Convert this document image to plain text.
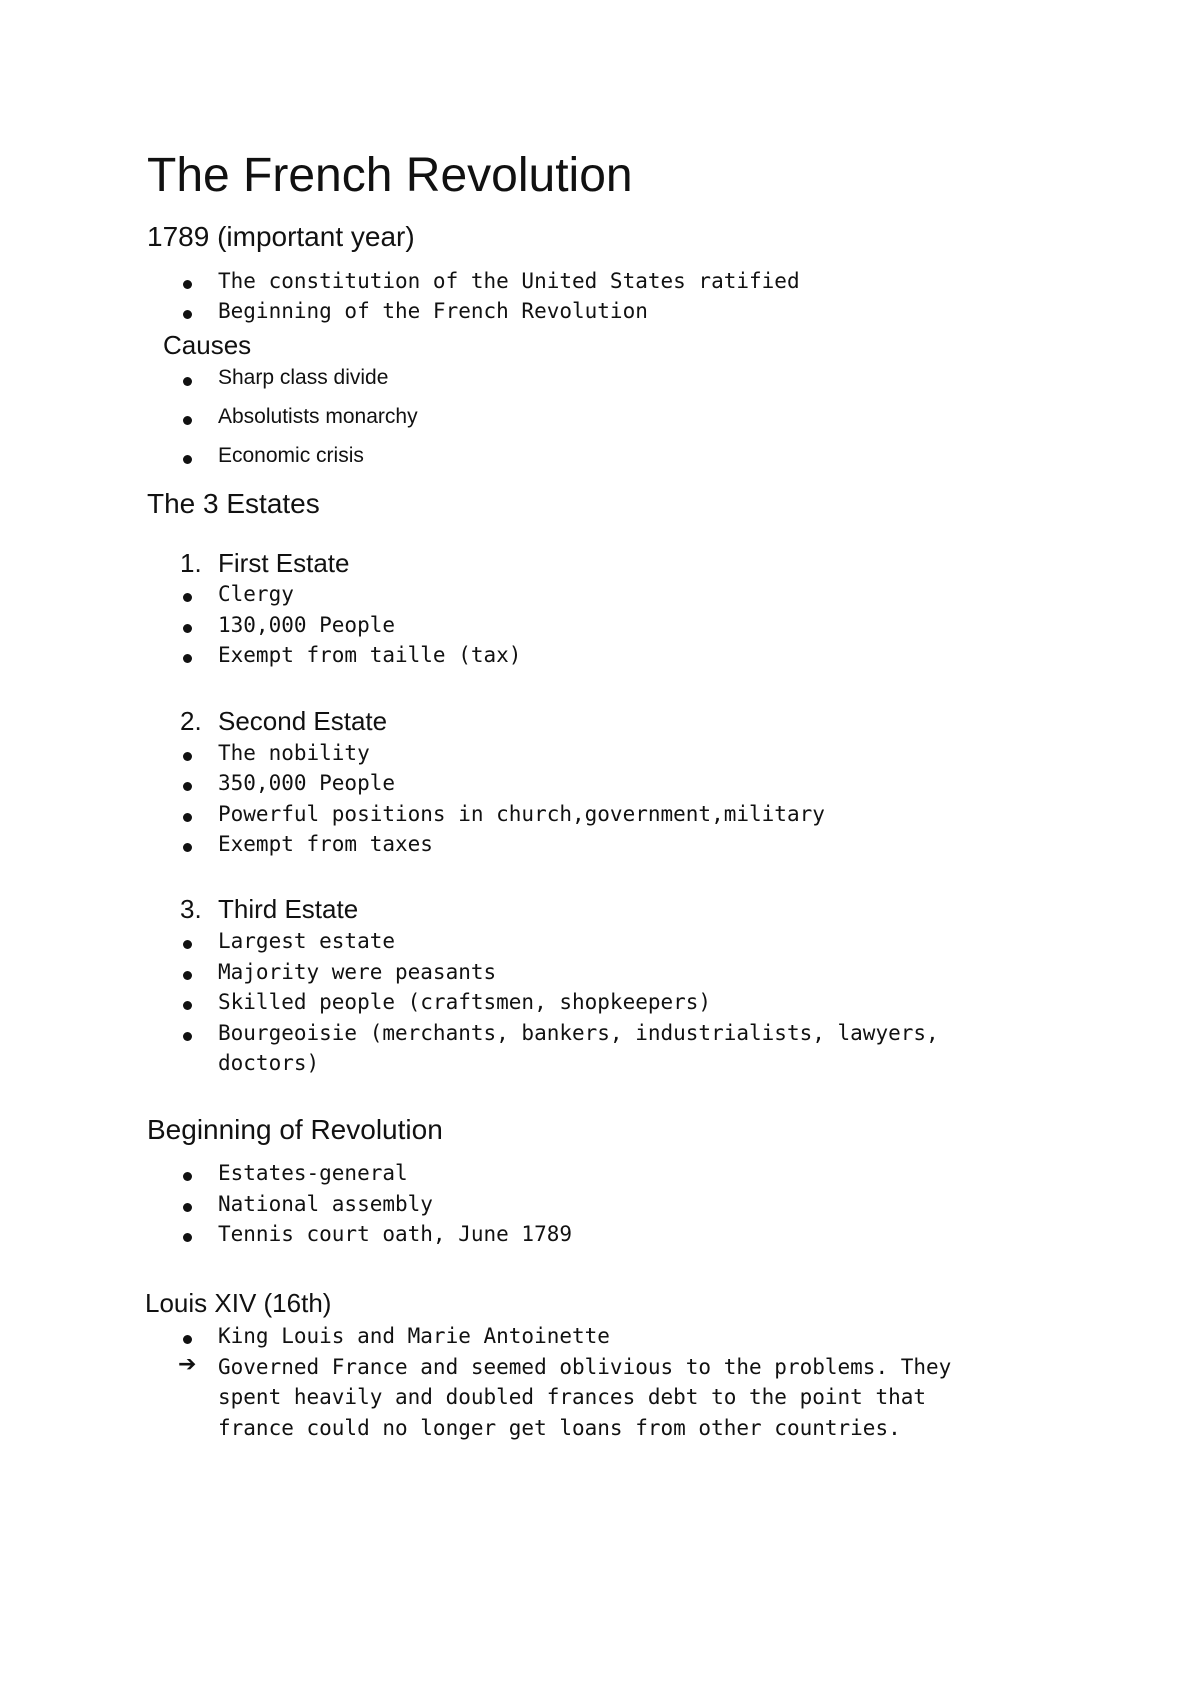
The French Revolution
1789 (important year)
The constitution of the United States ratified
Beginning of the French Revolution
Causes
Sharp class divide
Absolutists monarchy
Economic crisis
The 3 Estates
1. First Estate
Clergy
130,000 People
Exempt from taille (tax)
2. Second Estate
The nobility
350,000 People
Powerful positions in church,government,military
Exempt from taxes
3. Third Estate
Largest estate
Majority were peasants
Skilled people (craftsmen, shopkeepers)
Bourgeoisie (merchants, bankers, industrialists, lawyers,
doctors)
Beginning of Revolution
Estates-general
National assembly
Tennis court oath, June 1789
Louis XIV (16th)
King Louis and Marie Antoinette
➔ Governed France and seemed oblivious to the problems. They
spent heavily and doubled frances debt to the point that
france could no longer get loans from other countries.
